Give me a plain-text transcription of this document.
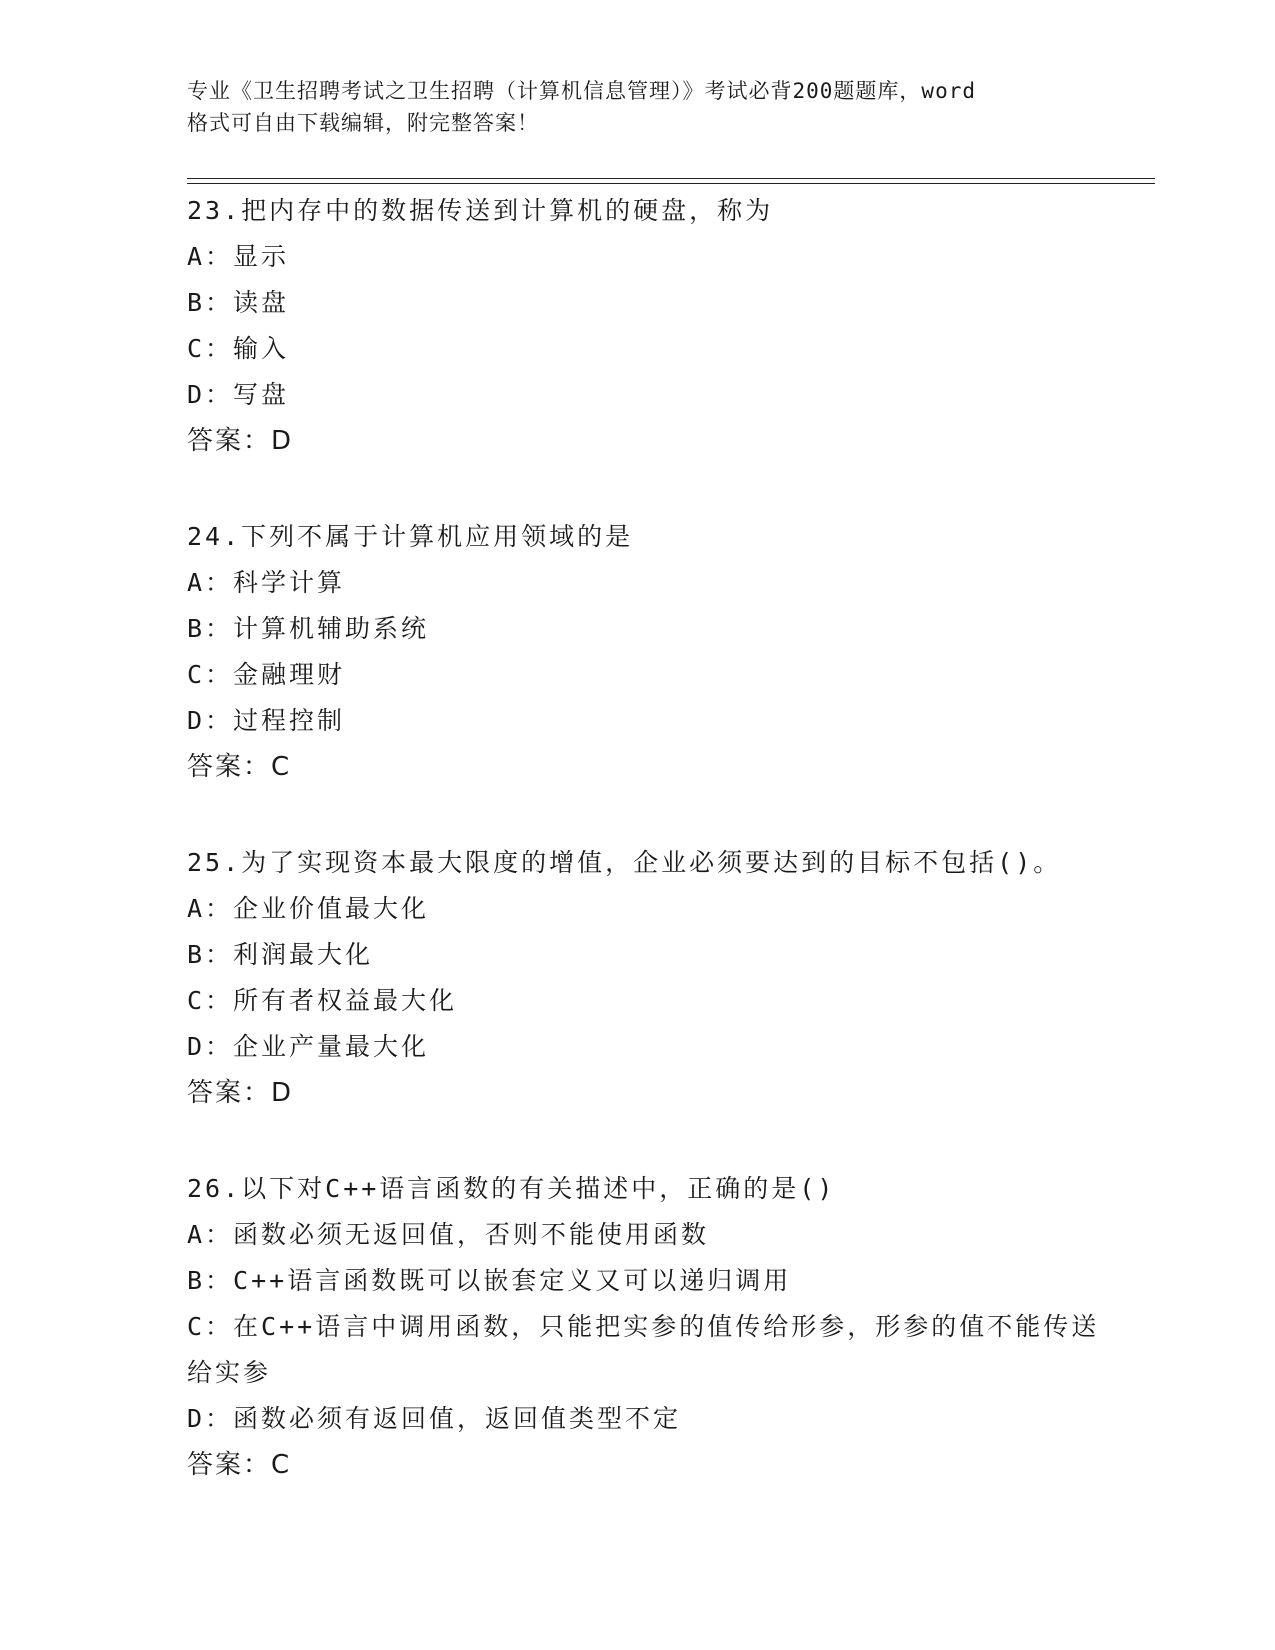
专业《卫生招聘考试之卫生招聘（计算机信息管理）》考试必背200题题库，word
格式可自由下载编辑，附完整答案！
23.把内存中的数据传送到计算机的硬盘，称为
A：显示
B：读盘
C：输入
D：写盘
答案：D
24.下列不属于计算机应用领域的是
A：科学计算
B：计算机辅助系统
C：金融理财
D：过程控制
答案：C
25.为了实现资本最大限度的增值，企业必须要达到的目标不包括()。
A：企业价值最大化
B：利润最大化
C：所有者权益最大化
D：企业产量最大化
答案：D
26.以下对C++语言函数的有关描述中，正确的是()
A：函数必须无返回值，否则不能使用函数
B：C++语言函数既可以嵌套定义又可以递归调用
C：在C++语言中调用函数，只能把实参的值传给形参，形参的值不能传送给实参
D：函数必须有返回值，返回值类型不定
答案：C
